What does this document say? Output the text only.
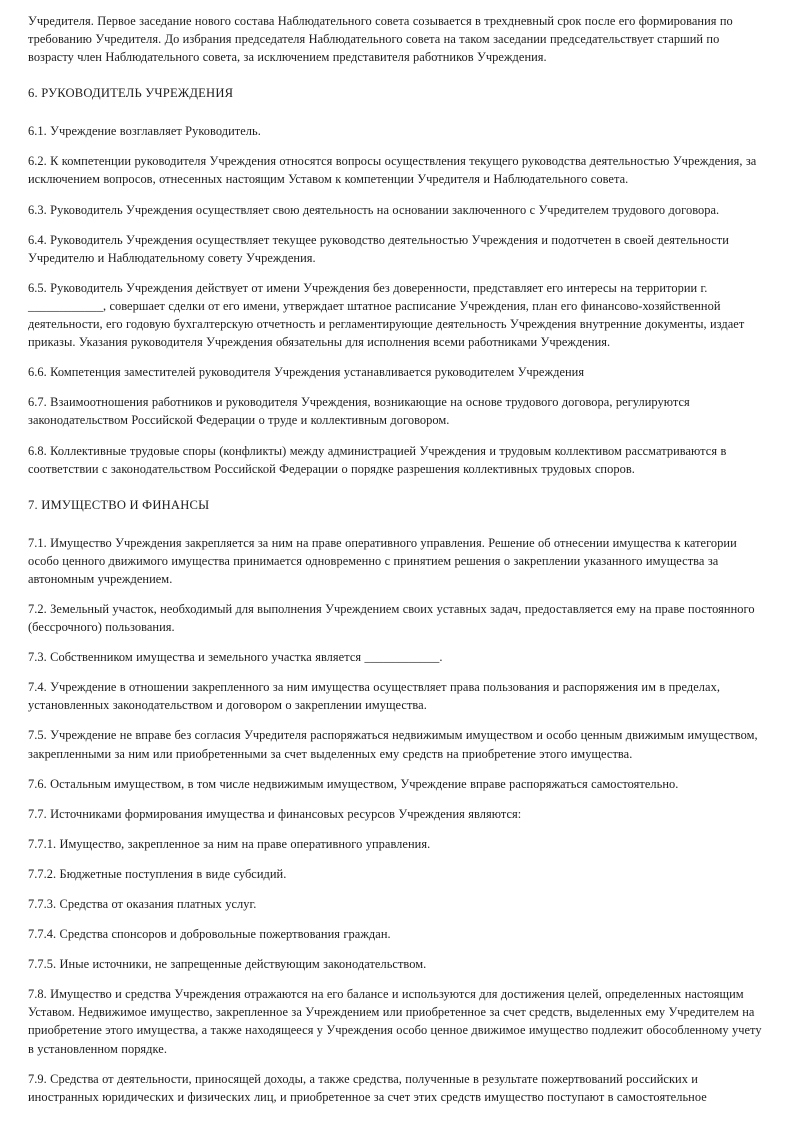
Учредителя. Первое заседание нового состава Наблюдательного совета созывается в трехдневный срок после его формирования по требованию Учредителя. До избрания председателя Наблюдательного совета на таком заседании председательствует старший по возрасту член Наблюдательного совета, за исключением представителя работников Учреждения.

6. РУКОВОДИТЕЛЬ УЧРЕЖДЕНИЯ

6.1. Учреждение возглавляет Руководитель.

6.2. К компетенции руководителя Учреждения относятся вопросы осуществления текущего руководства деятельностью Учреждения, за исключением вопросов, отнесенных настоящим Уставом к компетенции Учредителя и Наблюдательного совета.

6.3. Руководитель Учреждения осуществляет свою деятельность на основании заключенного с Учредителем трудового договора.

6.4. Руководитель Учреждения осуществляет текущее руководство деятельностью Учреждения и подотчетен в своей деятельности Учредителю и Наблюдательному совету Учреждения.

6.5. Руководитель Учреждения действует от имени Учреждения без доверенности, представляет его интересы на территории г. ____________, совершает сделки от его имени, утверждает штатное расписание Учреждения, план его финансово-хозяйственной деятельности, его годовую бухгалтерскую отчетность и регламентирующие деятельность Учреждения внутренние документы, издает приказы. Указания руководителя Учреждения обязательны для исполнения всеми работниками Учреждения.

6.6. Компетенция заместителей руководителя Учреждения устанавливается руководителем Учреждения

6.7. Взаимоотношения работников и руководителя Учреждения, возникающие на основе трудового договора, регулируются законодательством Российской Федерации о труде и коллективным договором.

6.8. Коллективные трудовые споры (конфликты) между администрацией Учреждения и трудовым коллективом рассматриваются в соответствии с законодательством Российской Федерации о порядке разрешения коллективных трудовых споров.

7. ИМУЩЕСТВО И ФИНАНСЫ

7.1. Имущество Учреждения закрепляется за ним на праве оперативного управления. Решение об отнесении имущества к категории особо ценного движимого имущества принимается одновременно с принятием решения о закреплении указанного имущества за автономным учреждением.

7.2. Земельный участок, необходимый для выполнения Учреждением своих уставных задач, предоставляется ему на праве постоянного (бессрочного) пользования.

7.3. Собственником имущества и земельного участка является ____________.

7.4. Учреждение в отношении закрепленного за ним имущества осуществляет права пользования и распоряжения им в пределах, установленных законодательством и договором о закреплении имущества.

7.5. Учреждение не вправе без согласия Учредителя распоряжаться недвижимым имуществом и особо ценным движимым имуществом, закрепленными за ним или приобретенными за счет выделенных ему средств на приобретение этого имущества.

7.6. Остальным имуществом, в том числе недвижимым имуществом, Учреждение вправе распоряжаться самостоятельно.

7.7. Источниками формирования имущества и финансовых ресурсов Учреждения являются:

7.7.1. Имущество, закрепленное за ним на праве оперативного управления.

7.7.2. Бюджетные поступления в виде субсидий.

7.7.3. Средства от оказания платных услуг.

7.7.4. Средства спонсоров и добровольные пожертвования граждан.

7.7.5. Иные источники, не запрещенные действующим законодательством.

7.8. Имущество и средства Учреждения отражаются на его балансе и используются для достижения целей, определенных настоящим Уставом. Недвижимое имущество, закрепленное за Учреждением или приобретенное за счет средств, выделенных ему Учредителем на приобретение этого имущества, а также находящееся у Учреждения особо ценное движимое имущество подлежит обособленному учету в установленном порядке.

7.9. Средства от деятельности, приносящей доходы, а также средства, полученные в результате пожертвований российских и иностранных юридических и физических лиц, и приобретенное за счет этих средств имущество поступают в самостоятельное
